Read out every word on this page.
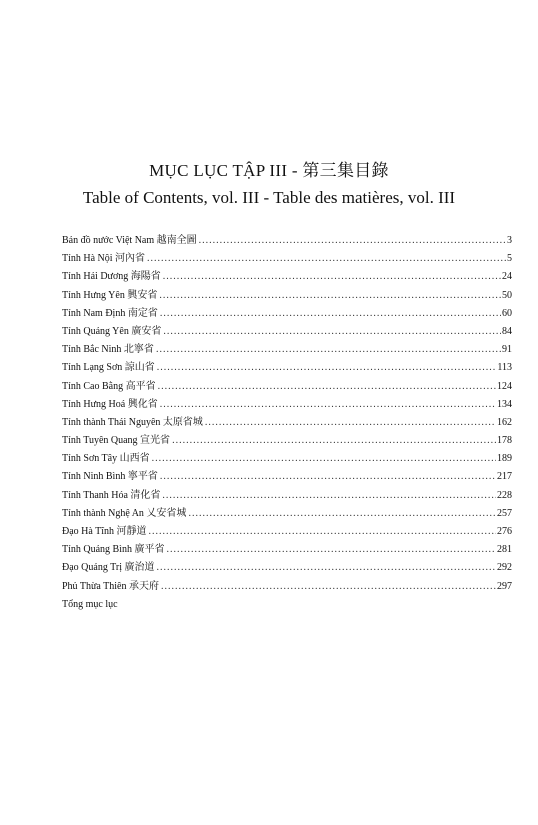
MỤC LỤC TẬP III - 第三集目錄
Table of Contents, vol. III - Table des matières, vol. III
Bản đồ nước Việt Nam 越南全圖 .....	3
Tỉnh Hà Nội 河內省 .....	5
Tỉnh Hải Dương 海陽省 .....	24
Tỉnh Hưng Yên 興安省 .....	50
Tỉnh Nam Định 南定省 .....	60
Tỉnh Quảng Yên 廣安省 .....	84
Tỉnh Bắc Ninh 北寧省 .....	91
Tỉnh Lạng Sơn 諒山省 .....	113
Tỉnh Cao Bằng 高平省 .....	124
Tỉnh Hưng Hoá 興化省 .....	134
Tỉnh thành Thái Nguyên 太原省城 .....	162
Tỉnh Tuyên Quang 宣光省 .....	178
Tỉnh Sơn Tây 山西省 .....	189
Tỉnh Ninh Bình 寧平省 .....	217
Tỉnh Thanh Hóa 清化省 .....	228
Tỉnh thành Nghệ An 乂安省城 .....	257
Đạo Hà Tĩnh 河靜道 .....	276
Tỉnh Quảng Bình 廣平省 .....	281
Đạo Quảng Trị 廣治道 .....	292
Phủ Thừa Thiên 承天府 .....	297
Tổng mục lục
